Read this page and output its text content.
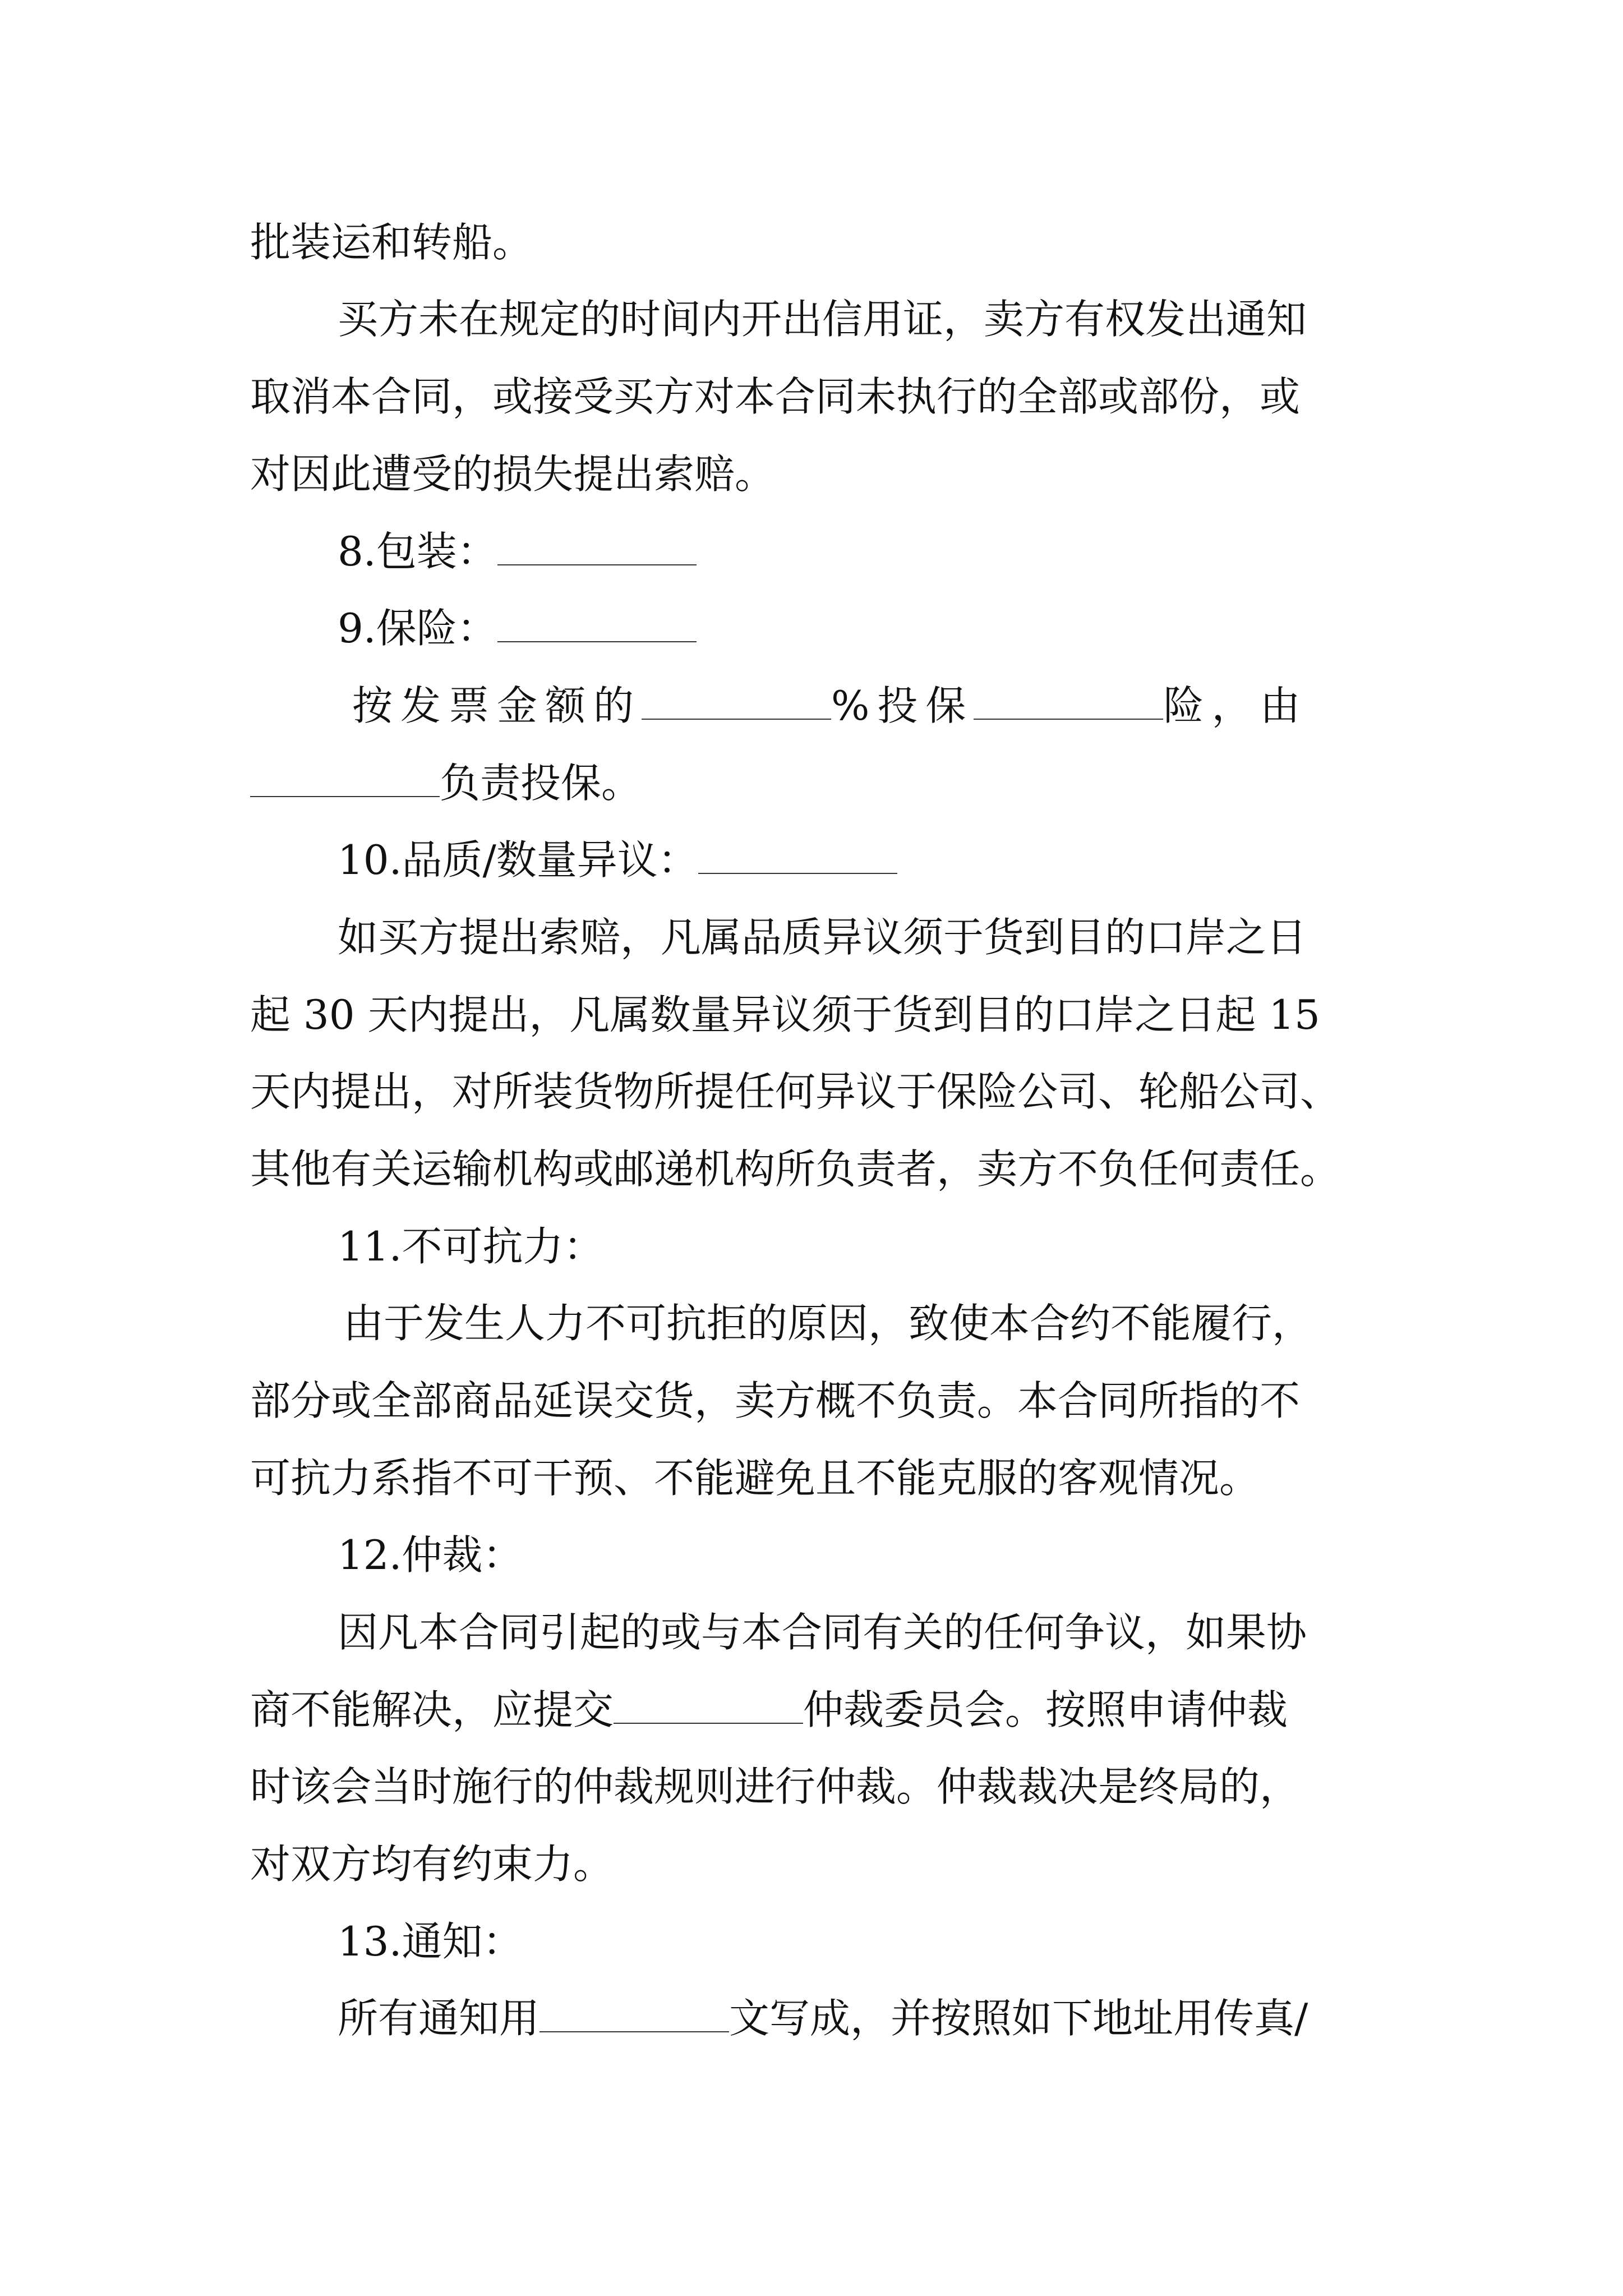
批装运和转船。
买方未在规定的时间内开出信用证，卖方有权发出通知
取消本合同，或接受买方对本合同未执行的全部或部份，或
对因此遭受的损失提出索赔。
8.包装：
9.保险：
按发票金额的	%投保	险，由
负责投保。
10.品质/数量异议：
如买方提出索赔，凡属品质异议须于货到目的口岸之日
起 30 天内提出，凡属数量异议须于货到目的口岸之日起 15
天内提出，对所装货物所提任何异议于保险公司、轮船公司、
其他有关运输机构或邮递机构所负责者，卖方不负任何责任。
11.不可抗力：
由于发生人力不可抗拒的原因，致使本合约不能履行，
部分或全部商品延误交货，卖方概不负责。本合同所指的不
可抗力系指不可干预、不能避免且不能克服的客观情况。
12.仲裁：
因凡本合同引起的或与本合同有关的任何争议，如果协
商不能解决，应提交	仲裁委员会。按照申请仲裁
时该会当时施行的仲裁规则进行仲裁。仲裁裁决是终局的，
对双方均有约束力。
13.通知：
所有通知用	文写成，并按照如下地址用传真/
